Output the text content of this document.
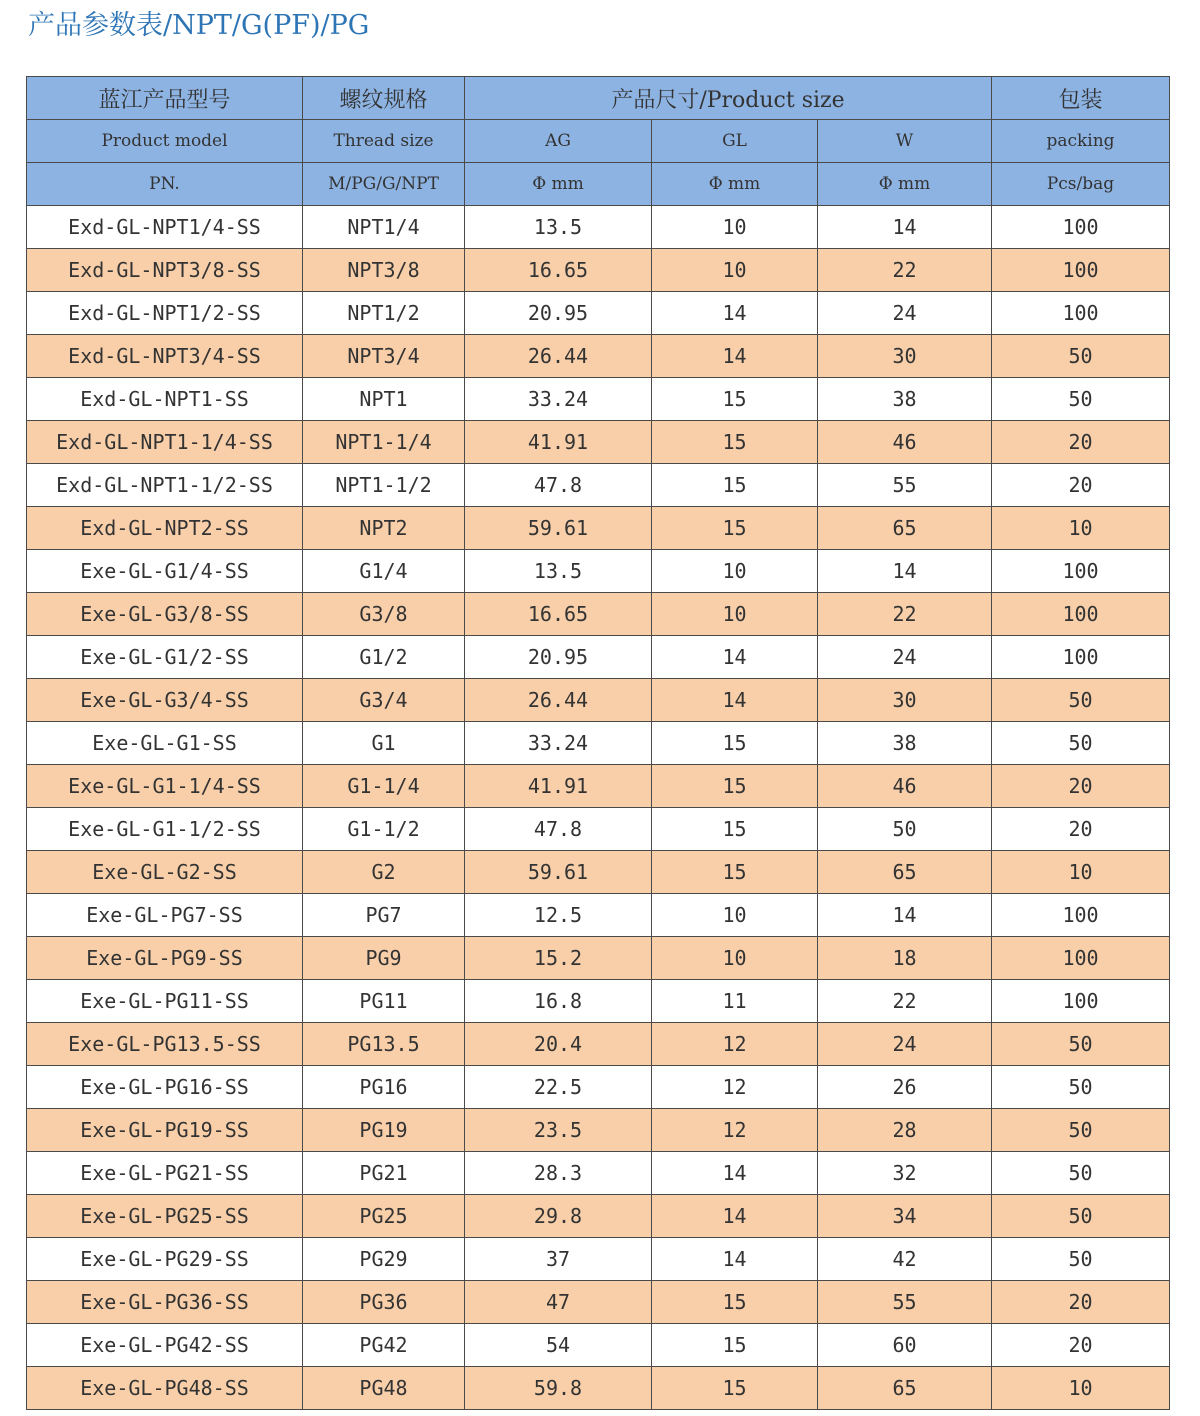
产品参数表/NPT/G(PF)/PG
蓝江产品型号	螺纹规格	产品尺寸/Product size			包装
Product model	Thread size	AG	GL	W	packing
PN.	M/PG/G/NPT	Φ mm	Φ mm	Φ mm	Pcs/bag
Exd-GL-NPT1/4-SS	NPT1/4	13.5	10	14	100
Exd-GL-NPT3/8-SS	NPT3/8	16.65	10	22	100
Exd-GL-NPT1/2-SS	NPT1/2	20.95	14	24	100
Exd-GL-NPT3/4-SS	NPT3/4	26.44	14	30	50
Exd-GL-NPT1-SS	NPT1	33.24	15	38	50
Exd-GL-NPT1-1/4-SS	NPT1-1/4	41.91	15	46	20
Exd-GL-NPT1-1/2-SS	NPT1-1/2	47.8	15	55	20
Exd-GL-NPT2-SS	NPT2	59.61	15	65	10
Exe-GL-G1/4-SS	G1/4	13.5	10	14	100
Exe-GL-G3/8-SS	G3/8	16.65	10	22	100
Exe-GL-G1/2-SS	G1/2	20.95	14	24	100
Exe-GL-G3/4-SS	G3/4	26.44	14	30	50
Exe-GL-G1-SS	G1	33.24	15	38	50
Exe-GL-G1-1/4-SS	G1-1/4	41.91	15	46	20
Exe-GL-G1-1/2-SS	G1-1/2	47.8	15	50	20
Exe-GL-G2-SS	G2	59.61	15	65	10
Exe-GL-PG7-SS	PG7	12.5	10	14	100
Exe-GL-PG9-SS	PG9	15.2	10	18	100
Exe-GL-PG11-SS	PG11	16.8	11	22	100
Exe-GL-PG13.5-SS	PG13.5	20.4	12	24	50
Exe-GL-PG16-SS	PG16	22.5	12	26	50
Exe-GL-PG19-SS	PG19	23.5	12	28	50
Exe-GL-PG21-SS	PG21	28.3	14	32	50
Exe-GL-PG25-SS	PG25	29.8	14	34	50
Exe-GL-PG29-SS	PG29	37	14	42	50
Exe-GL-PG36-SS	PG36	47	15	55	20
Exe-GL-PG42-SS	PG42	54	15	60	20
Exe-GL-PG48-SS	PG48	59.8	15	65	10
